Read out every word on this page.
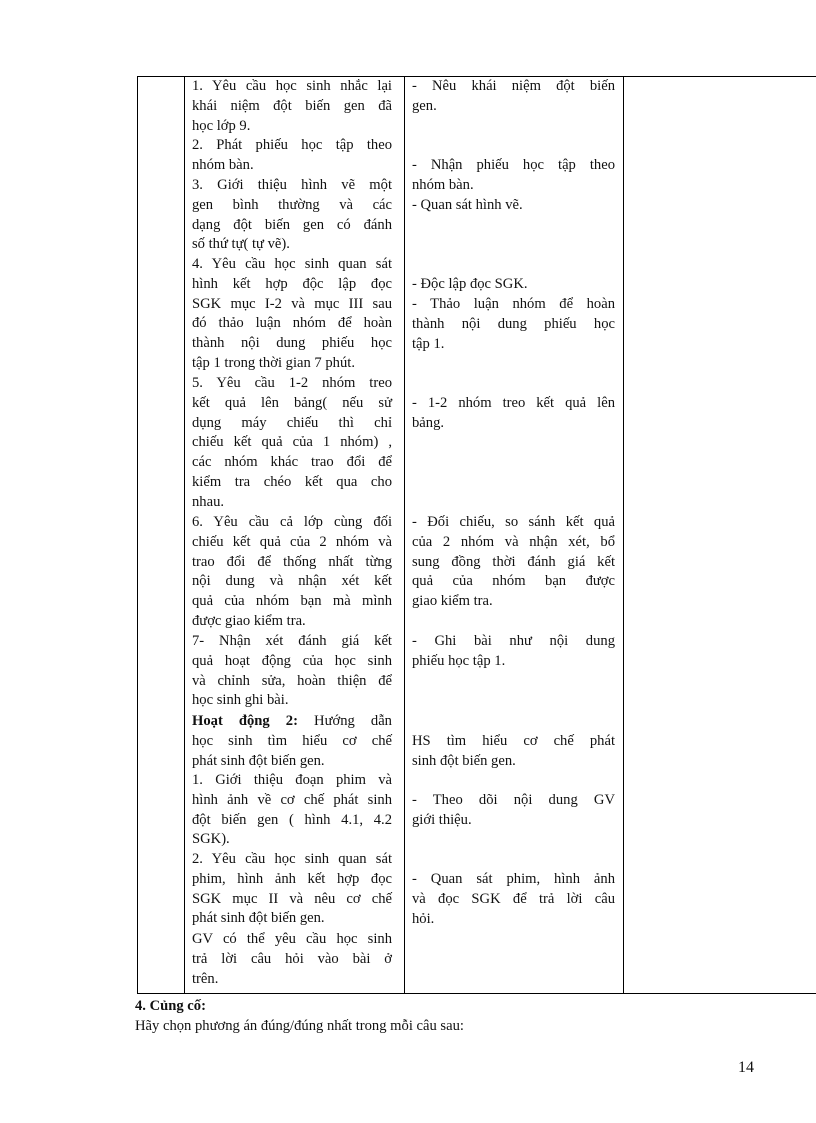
1. Yêu cầu học sinh nhắc lại
khái niệm đột biến gen đã
học lớp 9.
2. Phát phiếu học tập theo
nhóm bàn.
3. Giới thiệu hình vẽ một
gen bình thường và các
dạng đột biến gen có đánh
số thứ tự( tự vẽ).
4. Yêu cầu học sinh quan sát
hình kết hợp độc lập đọc
SGK mục I-2 và mục III sau
đó thảo luận nhóm để hoàn
thành nội dung phiếu học
tập 1 trong thời gian 7 phút.
5. Yêu cầu 1-2 nhóm treo
kết quả lên bảng( nếu sử
dụng máy chiếu thì chỉ
chiếu kết quả của 1 nhóm) ,
các nhóm khác trao đổi để
kiểm tra chéo kết qua cho
nhau.
6. Yêu cầu cả lớp cùng đối
chiếu kết quả của 2 nhóm và
trao đổi để thống nhất từng
nội dung và nhận xét kết
quả của nhóm bạn mà mình
được giao kiểm tra.
7- Nhận xét đánh giá kết
quả hoạt động của học sinh
và chỉnh sửa, hoàn thiện để
học sinh ghi bài.
Hoạt động 2: Hướng dẫn
học sinh tìm hiểu cơ chế
phát sinh đột biến gen.
1. Giới thiệu đoạn phim và
hình ảnh về cơ chế phát sinh
đột biến gen ( hình 4.1, 4.2
SGK).
2. Yêu cầu học sinh quan sát
phim, hình ảnh kết hợp đọc
SGK mục II và nêu cơ chế
phát sinh đột biến gen.
GV có thể yêu cầu học sinh
trả lời câu hỏi vào bài ở
trên.
- Nêu khái niệm đột biến
gen.
- Nhận phiếu học tập theo
nhóm bàn.
- Quan sát hình vẽ.
- Độc lập đọc SGK.
- Thảo luận nhóm để hoàn
thành nội dung phiếu học
tập 1.
- 1-2 nhóm treo kết quả lên
bảng.
- Đối chiếu, so sánh kết quả
của 2 nhóm và nhận xét, bổ
sung đồng thời đánh giá kết
quả của nhóm bạn được
giao kiểm tra.
- Ghi bài như nội dung
phiếu học tập 1.
HS tìm hiểu cơ chế phát
sinh đột biến gen.
- Theo dõi nội dung GV
giới thiệu.
- Quan sát phim, hình ảnh
và đọc SGK để trả lời câu
hỏi.
4. Củng cố:
Hãy chọn phương án đúng/đúng nhất trong mỗi câu sau:
14
